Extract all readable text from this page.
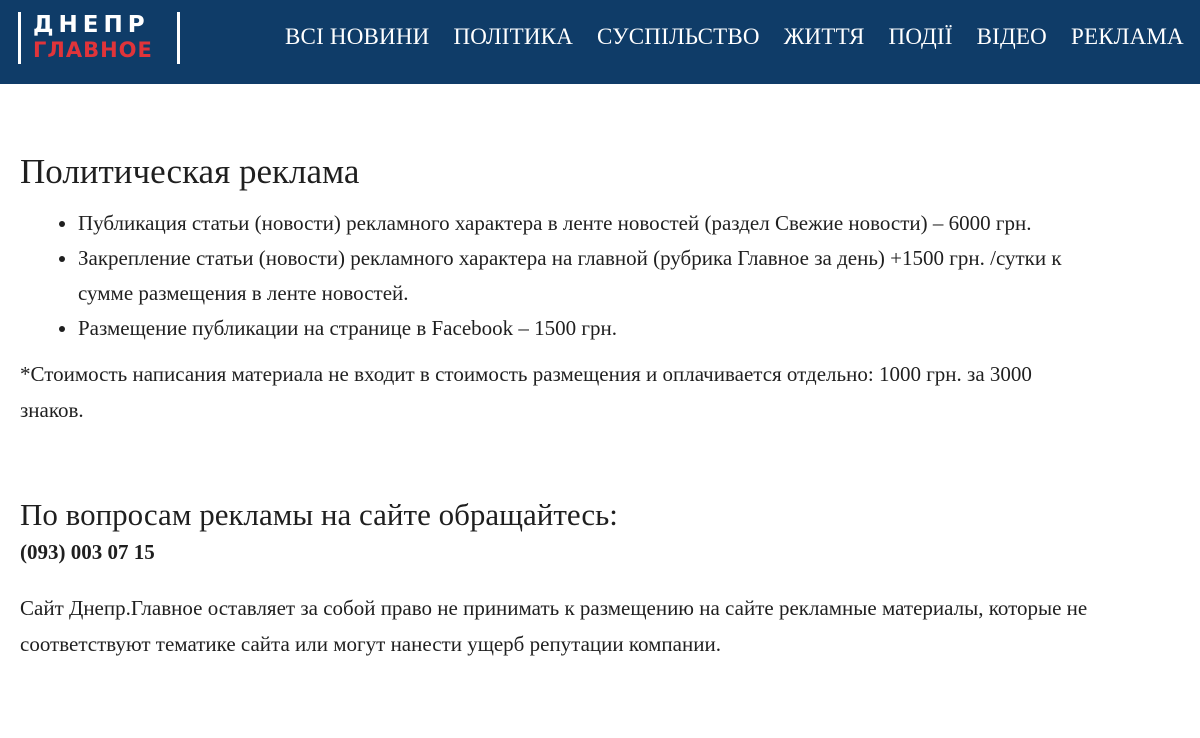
ДНЕПР
ГЛАВНОЕ
ВСІ НОВИНИ ПОЛІТИКА СУСПІЛЬСТВО ЖИТТЯ ПОДІЇ ВІДЕО РЕКЛАМА
Политическая реклама
• Публикация статьи (новости) рекламного характера в ленте новостей (раздел Свежие новости) – 6000 грн.
• Закрепление статьи (новости) рекламного характера на главной (рубрика Главное за день) +1500 грн. /сутки к сумме размещения в ленте новостей.
• Размещение публикации на странице в Facebook – 1500 грн.

*Стоимость написания материала не входит в стоимость размещения и оплачивается отдельно: 1000 грн. за 3000 знаков.

По вопросам рекламы на сайте обращайтесь:

(093) 003 07 15

Сайт Днепр.Главное оставляет за собой право не принимать к размещению на сайте рекламные материалы, которые не соответствуют тематике сайта или могут нанести ущерб репутации компании.
